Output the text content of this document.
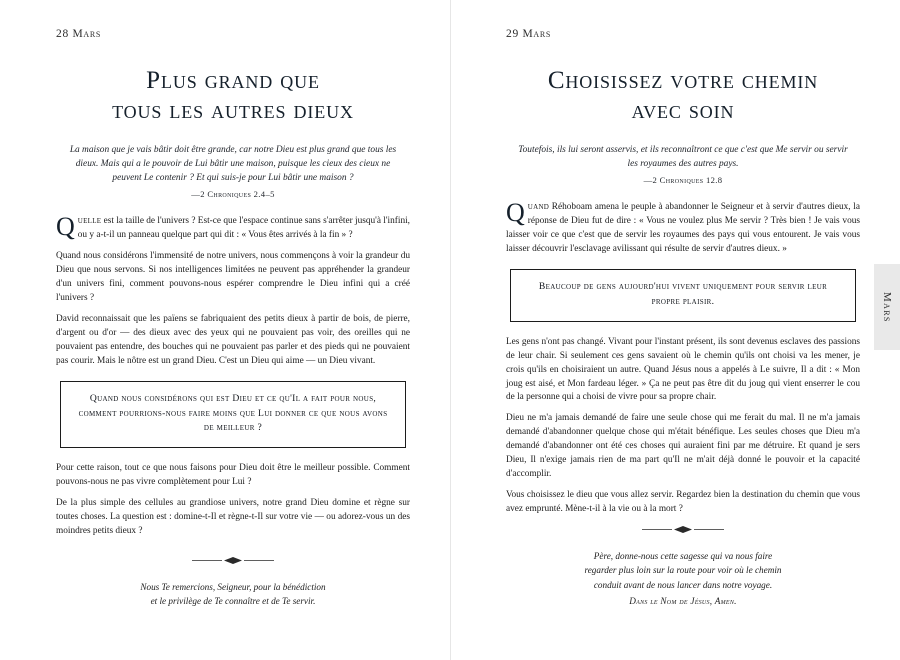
28 Mars
Plus grand que
tous les autres dieux
La maison que je vais bâtir doit être grande, car notre Dieu est plus grand que tous les dieux. Mais qui a le pouvoir de Lui bâtir une maison, puisque les cieux des cieux ne peuvent Le contenir ? Et qui suis-je pour Lui bâtir une maison ?
—2 Chroniques 2.4–5
Quelle est la taille de l'univers ? Est-ce que l'espace continue sans s'arrêter jusqu'à l'infini, ou y a-t-il un panneau quelque part qui dit : « Vous êtes arrivés à la fin » ?

Quand nous considérons l'immensité de notre univers, nous commençons à voir la grandeur du Dieu que nous servons. Si nos intelligences limitées ne peuvent pas appréhender la grandeur d'un univers fini, comment pouvons-nous espérer comprendre le Dieu infini qui a créé l'univers ?

David reconnaissait que les païens se fabriquaient des petits dieux à partir de bois, de pierre, d'argent ou d'or — des dieux avec des yeux qui ne pouvaient pas voir, des oreilles qui ne pouvaient pas entendre, des bouches qui ne pouvaient pas parler et des pieds qui ne pouvaient pas courir. Mais le nôtre est un grand Dieu. C'est un Dieu qui aime — un Dieu vivant.

Quand nous considérons qui est Dieu et ce qu'Il a fait pour nous, comment pourrions-nous faire moins que Lui donner ce que nous avons de meilleur ?

Pour cette raison, tout ce que nous faisons pour Dieu doit être le meilleur possible. Comment pouvons-nous ne pas vivre complètement pour Lui ?

De la plus simple des cellules au grandiose univers, notre grand Dieu domine et règne sur toutes choses. La question est : domine-t-Il et règne-t-Il sur votre vie — ou adorez-vous un des moindres petits dieux ?

Nous Te remercions, Seigneur, pour la bénédiction
et le privilège de Te connaître et de Te servir.
29 Mars
Choisissez votre chemin
avec soin
Toutefois, ils lui seront asservis, et ils reconnaîtront ce que c'est que Me servir ou servir les royaumes des autres pays.
—2 Chroniques 12.8
Quand Réhoboam amena le peuple à abandonner le Seigneur et à servir d'autres dieux, la réponse de Dieu fut de dire : « Vous ne voulez plus Me servir ? Très bien ! Je vais vous laisser voir ce que c'est que de servir les royaumes des pays qui vous entourent. Je vais vous laisser découvrir l'esclavage avilissant qui résulte de servir d'autres dieux. »
Beaucoup de gens aujourd'hui vivent uniquement pour servir leur propre plaisir.

Les gens n'ont pas changé. Vivant pour l'instant présent, ils sont devenus esclaves des passions de leur chair. Si seulement ces gens savaient où le chemin qu'ils ont choisi va les mener, je crois qu'ils en choisiraient un autre. Quand Jésus nous a appelés à Le suivre, Il a dit : « Mon joug est aisé, et Mon fardeau léger. » Ça ne peut pas être dit du joug qui vient enserrer le cou de la personne qui a choisi de vivre pour sa propre chair.

Dieu ne m'a jamais demandé de faire une seule chose qui me ferait du mal. Il ne m'a jamais demandé d'abandonner quelque chose qui m'était bénéfique. Les seules choses que Dieu m'a demandé d'abandonner ont été ces choses qui auraient fini par me détruire. Et quand je sers Dieu, Il n'exige jamais rien de ma part qu'Il ne m'ait déjà donné le pouvoir et la capacité d'accomplir.

Vous choisissez le dieu que vous allez servir. Regardez bien la destination du chemin que vous avez emprunté. Mène-t-il à la vie ou à la mort ?

Père, donne-nous cette sagesse qui va nous faire
regarder plus loin sur la route pour voir où le chemin
conduit avant de nous lancer dans notre voyage.
Dans le Nom de Jésus, Amen.
Mars
